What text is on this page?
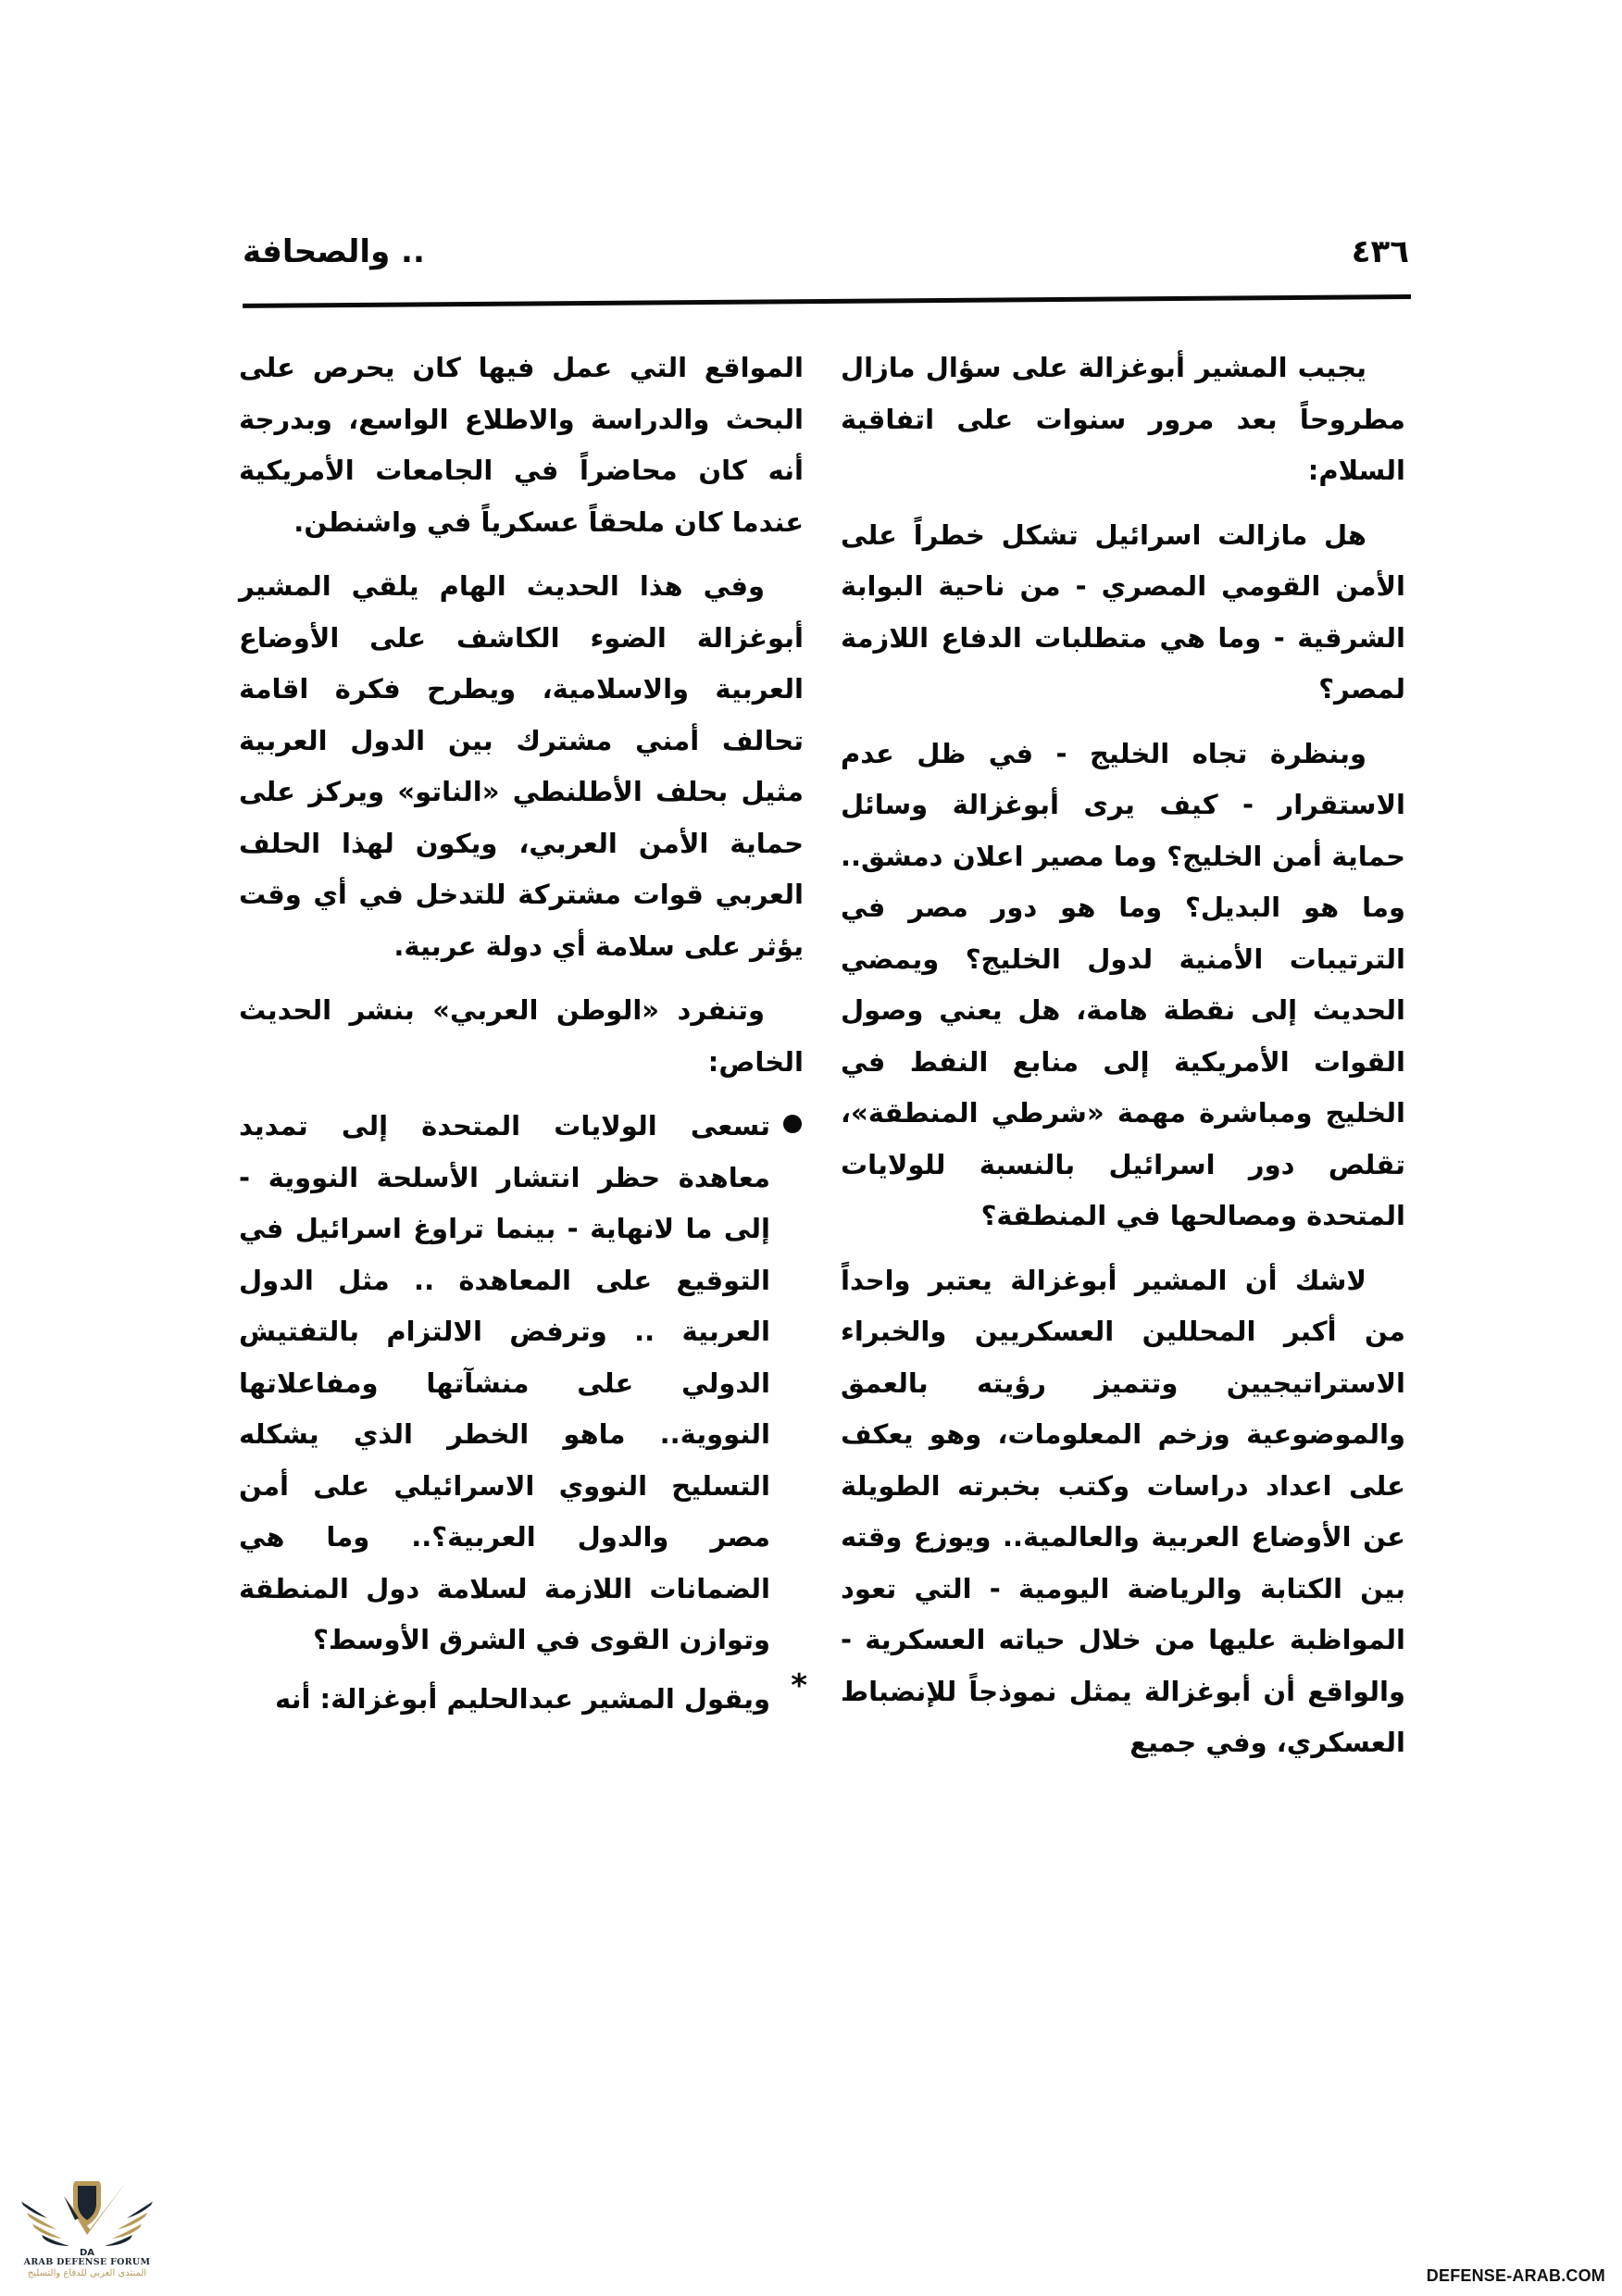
٤٣٦
.. والصحافة

يجيب المشير أبوغزالة على سؤال مازال مطروحاً بعد مرور سنوات على اتفاقية السلام:

هل مازالت اسرائيل تشكل خطراً على الأمن القومي المصري - من ناحية البوابة الشرقية - وما هي متطلبات الدفاع اللازمة لمصر؟

وبنظرة تجاه الخليج - في ظل عدم الاستقرار - كيف يرى أبوغزالة وسائل حماية أمن الخليج؟ وما مصير اعلان دمشق.. وما هو البديل؟ وما هو دور مصر في الترتيبات الأمنية لدول الخليج؟ ويمضي الحديث إلى نقطة هامة، هل يعني وصول القوات الأمريكية إلى منابع النفط في الخليج ومباشرة مهمة «شرطي المنطقة»، تقلص دور اسرائيل بالنسبة للولايات المتحدة ومصالحها في المنطقة؟

لاشك أن المشير أبوغزالة يعتبر واحداً من أكبر المحللين العسكريين والخبراء الاستراتيجيين وتتميز رؤيته بالعمق والموضوعية وزخم المعلومات، وهو يعكف على اعداد دراسات وكتب بخبرته الطويلة عن الأوضاع العربية والعالمية.. ويوزع وقته بين الكتابة والرياضة اليومية - التي تعود المواظبة عليها من خلال حياته العسكرية - والواقع أن أبوغزالة يمثل نموذجاً للإنضباط العسكري، وفي جميع

المواقع التي عمل فيها كان يحرص على البحث والدراسة والاطلاع الواسع، وبدرجة أنه كان محاضراً في الجامعات الأمريكية عندما كان ملحقاً عسكرياً في واشنطن.

وفي هذا الحديث الهام يلقي المشير أبوغزالة الضوء الكاشف على الأوضاع العربية والاسلامية، ويطرح فكرة اقامة تحالف أمني مشترك بين الدول العربية مثيل بحلف الأطلنطي «الناتو» ويركز على حماية الأمن العربي، ويكون لهذا الحلف العربي قوات مشتركة للتدخل في أي وقت يؤثر على سلامة أي دولة عربية.

وتنفرد «الوطن العربي» بنشر الحديث الخاص:

تسعى الولايات المتحدة إلى تمديد معاهدة حظر انتشار الأسلحة النووية - إلى ما لانهاية - بينما تراوغ اسرائيل في التوقيع على المعاهدة .. مثل الدول العربية .. وترفض الالتزام بالتفتيش الدولي على منشآتها ومفاعلاتها النووية.. ماهو الخطر الذي يشكله التسليح النووي الاسرائيلي على أمن مصر والدول العربية؟.. وما هي الضمانات اللازمة لسلامة دول المنطقة وتوازن القوى في الشرق الأوسط؟
*
ويقول المشير عبدالحليم أبوغزالة: أنه
DA
ARAB DEFENSE FORUM
المنتدى العربي للدفاع والتسليح	DEFENSE-ARAB.COM
